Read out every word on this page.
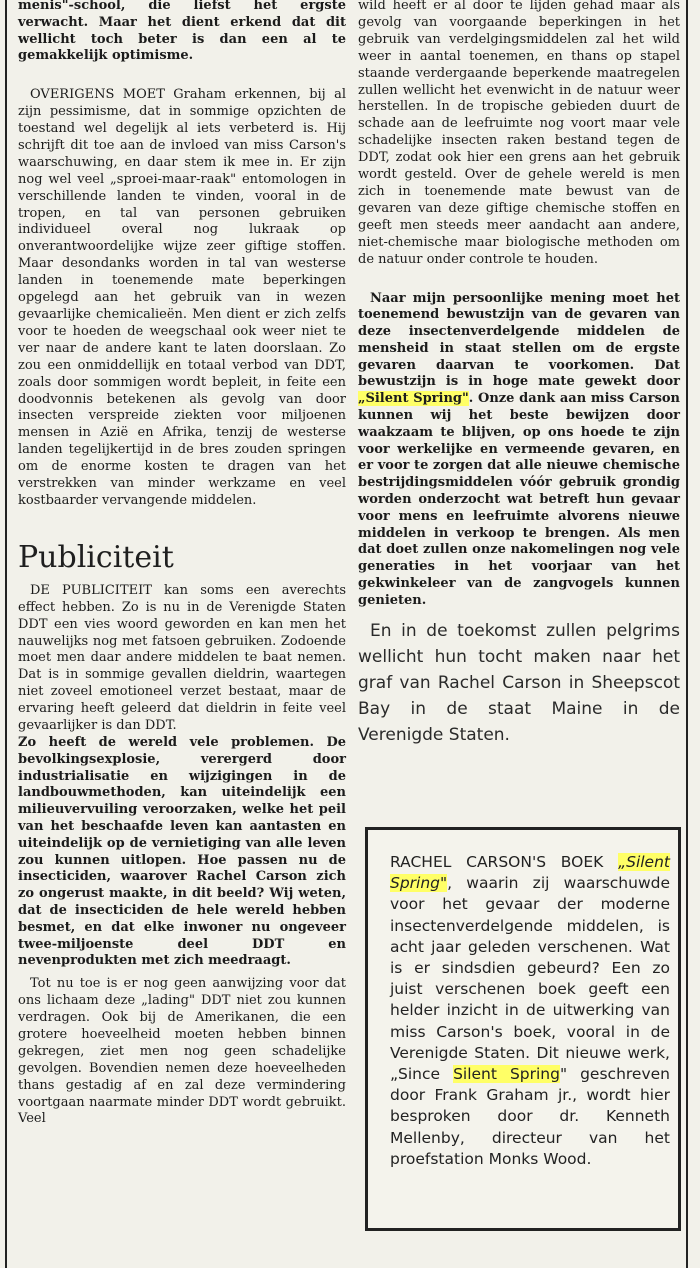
menis"-school, die liefst het ergste verwacht. Maar het dient erkend dat dit wellicht toch beter is dan een al te gemakkelijk optimisme.

OVERIGENS MOET Graham erkennen, bij al zijn pessimisme, dat in sommige opzichten de toestand wel degelijk al iets verbeterd is. Hij schrijft dit toe aan de invloed van miss Carson's waarschuwing, en daar stem ik mee in. Er zijn nog wel veel „sproei-maar-raak" entomologen in verschillende landen te vinden, vooral in de tropen, en tal van personen gebruiken individueel overal nog lukraak op onverantwoordelijke wijze zeer giftige stoffen. Maar desondanks worden in tal van westerse landen in toenemende mate beperkingen opgelegd aan het gebruik van in wezen gevaarlijke chemicalieën. Men dient er zich zelfs voor te hoeden de weegschaal ook weer niet te ver naar de andere kant te laten doorslaan. Zo zou een onmiddellijk en totaal verbod van DDT, zoals door sommigen wordt bepleit, in feite een doodvonnis betekenen als gevolg van door insecten verspreide ziekten voor miljoenen mensen in Azië en Afrika, tenzij de westerse landen tegelijkertijd in de bres zouden springen om de enorme kosten te dragen van het verstrekken van minder werkzame en veel kostbaarder vervangende middelen.

Publiciteit

DE PUBLICITEIT kan soms een averechts effect hebben. Zo is nu in de Verenigde Staten DDT een vies woord geworden en kan men het nauwelijks nog met fatsoen gebruiken. Zodoende moet men daar andere middelen te baat nemen. Dat is in sommige gevallen dieldrin, waartegen niet zoveel emotioneel verzet bestaat, maar de ervaring heeft geleerd dat dieldrin in feite veel gevaarlijker is dan DDT.

Zo heeft de wereld vele problemen. De bevolkingsexplosie, verergerd door industrialisatie en wijzigingen in de landbouwmethoden, kan uiteindelijk een milieuvervuiling veroorzaken, welke het peil van het beschaafde leven kan aantasten en uiteindelijk op de vernietiging van alle leven zou kunnen uitlopen. Hoe passen nu de insecticiden, waarover Rachel Carson zich zo ongerust maakte, in dit beeld? Wij weten, dat de insecticiden de hele wereld hebben besmet, en dat elke inwoner nu ongeveer twee-miljoenste deel DDT en nevenprodukten met zich meedraagt.

Tot nu toe is er nog geen aanwijzing voor dat ons lichaam deze „lading" DDT niet zou kunnen verdragen. Ook bij de Amerikanen, die een grotere hoeveelheid moeten hebben binnen gekregen, ziet men nog geen schadelijke gevolgen. Bovendien nemen deze hoeveelheden thans gestadig af en zal deze vermindering voortgaan naarmate minder DDT wordt gebruikt. Veel

wild heeft er al door te lijden gehad maar als gevolg van voorgaande beperkingen in het gebruik van verdelgingsmiddelen zal het wild weer in aantal toenemen, en thans op stapel staande verdergaande beperkende maatregelen zullen wellicht het evenwicht in de natuur weer herstellen. In de tropische gebieden duurt de schade aan de leefruimte nog voort maar vele schadelijke insecten raken bestand tegen de DDT, zodat ook hier een grens aan het gebruik wordt gesteld. Over de gehele wereld is men zich in toenemende mate bewust van de gevaren van deze giftige chemische stoffen en geeft men steeds meer aandacht aan andere, niet-chemische maar biologische methoden om de natuur onder controle te houden.

Naar mijn persoonlijke mening moet het toenemend bewustzijn van de gevaren van deze insectenverdelgende middelen de mensheid in staat stellen om de ergste gevaren daarvan te voorkomen. Dat bewustzijn is in hoge mate gewekt door „Silent Spring". Onze dank aan miss Carson kunnen wij het beste bewijzen door waakzaam te blijven, op ons hoede te zijn voor werkelijke en vermeende gevaren, en er voor te zorgen dat alle nieuwe chemische bestrijdingsmiddelen vóór gebruik grondig worden onderzocht wat betreft hun gevaar voor mens en leefruimte alvorens nieuwe middelen in verkoop te brengen. Als men dat doet zullen onze nakomelingen nog vele generaties in het voorjaar van het gekwinkeleer van de zangvogels kunnen genieten.

En in de toekomst zullen pelgrims wellicht hun tocht maken naar het graf van Rachel Carson in Sheepscot Bay in de staat Maine in de Verenigde Staten.

RACHEL CARSON'S BOEK „Silent Spring", waarin zij waarschuwde voor het gevaar der moderne insectenverdelgende middelen, is acht jaar geleden verschenen. Wat is er sindsdien gebeurd? Een zo juist verschenen boek geeft een helder inzicht in de uitwerking van miss Carson's boek, vooral in de Verenigde Staten. Dit nieuwe werk, „Since Silent Spring" geschreven door Frank Graham jr., wordt hier besproken door dr. Kenneth Mellenby, directeur van het proefstation Monks Wood.
